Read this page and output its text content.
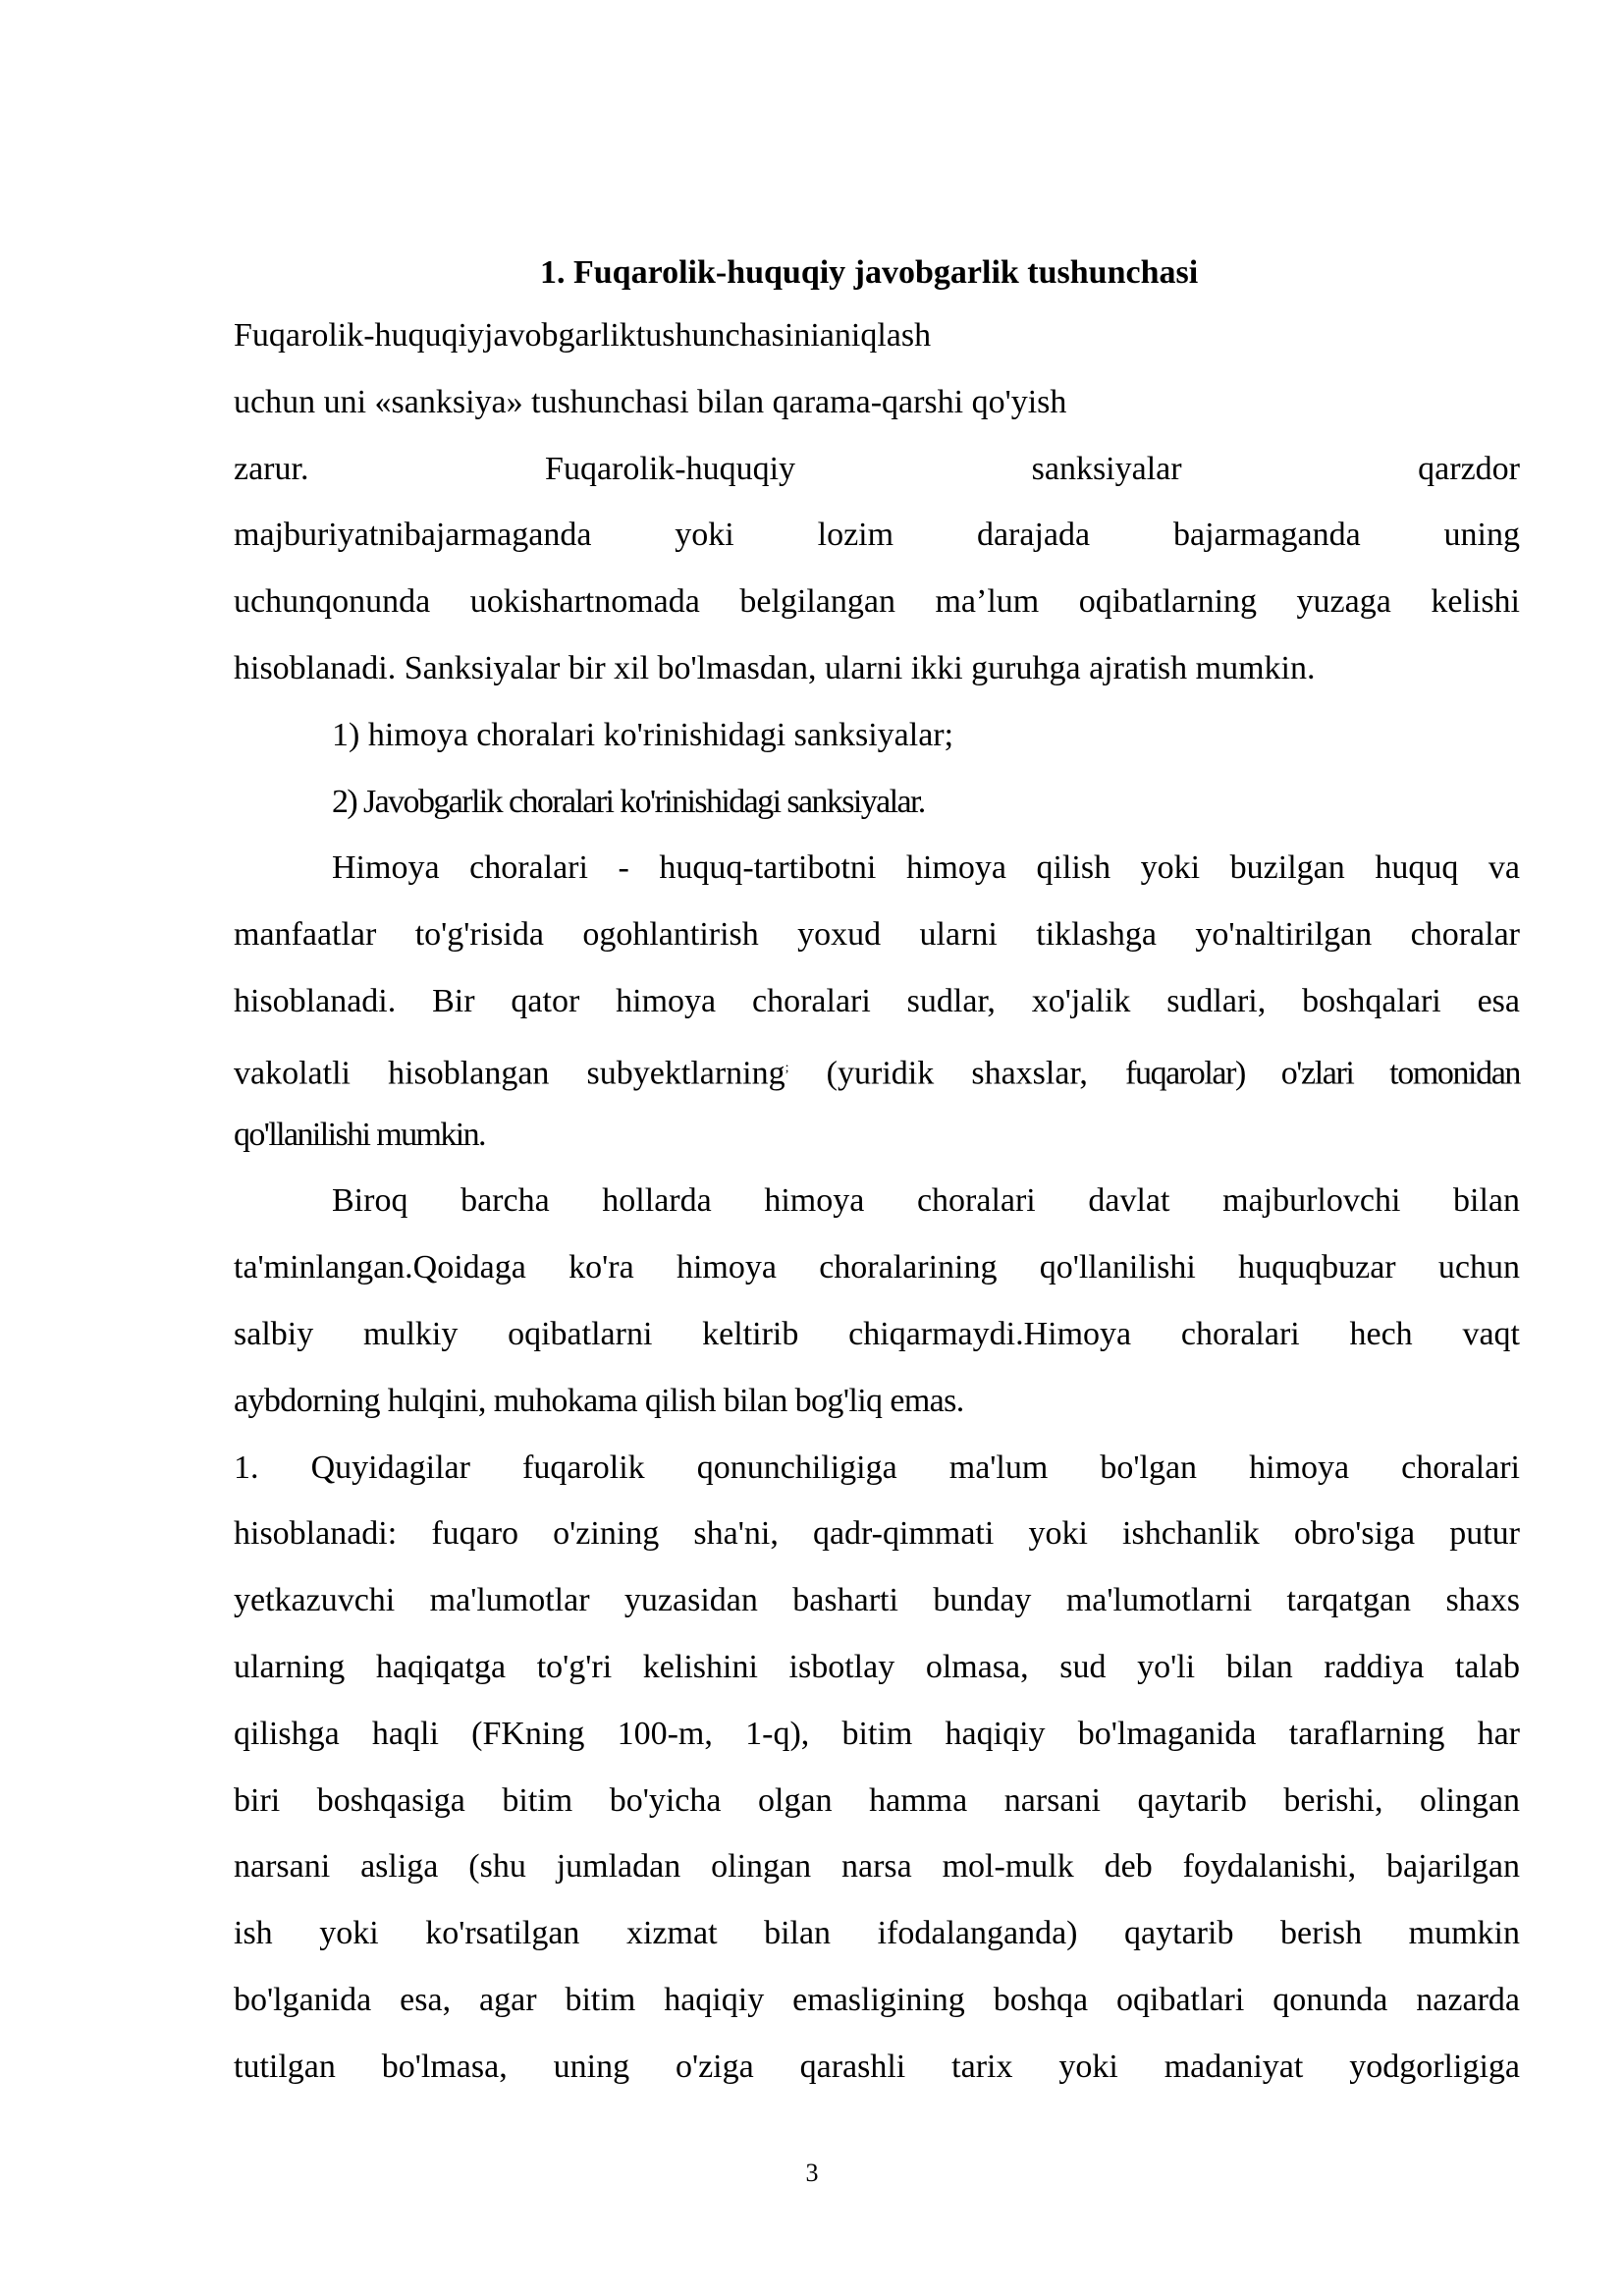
1. Fuqarolik-huquqiy javobgarlik tushunchasi

Fuqarolik-huquqiyjavobgarliktushunchasinianiqlash

uchun uni «sanksiya» tushunchasi bilan qarama-qarshi qo'yish

zarur. Fuqarolik-huquqiy sanksiyalar qarzdor

majburiyatnibajarmaganda yoki lozim darajada bajarmaganda uning

uchunqonunda uokishartnomada belgilangan ma’lum oqibatlarning yuzaga kelishi

hisoblanadi. Sanksiyalar bir xil bo'lmasdan, ularni ikki guruhga ajratish mumkin.

1) himoya choralari ko'rinishidagi sanksiyalar;

2) Javobgarlik choralari ko'rinishidagi sanksiyalar.

Himoya choralari - huquq-tartibotni himoya qilish yoki buzilgan huquq va

manfaatlar to'g'risida ogohlantirish yoxud ularni tiklashga yo'naltirilgan choralar

hisoblanadi. Bir qator himoya choralari sudlar, xo'jalik sudlari, boshqalari esa

vakolatli hisoblangan subyektlarning; (yuridik shaxslar, fuqarolar) o'zlari tomonidan

qo'llanilishi mumkin.

Biroq barcha hollarda himoya choralari davlat majburlovchi bilan

ta'minlangan.Qoidaga ko'ra himoya choralarining qo'llanilishi huquqbuzar uchun

salbiy mulkiy oqibatlarni keltirib chiqarmaydi.Himoya choralari hech vaqt

aybdorning hulqini, muhokama qilish bilan bog'liq emas.

1. Quyidagilar fuqarolik qonunchiligiga ma'lum bo'lgan himoya choralari

hisoblanadi: fuqaro o'zining sha'ni, qadr-qimmati yoki ishchanlik obro'siga putur

yetkazuvchi ma'lumotlar yuzasidan basharti bunday ma'lumotlarni tarqatgan shaxs

ularning haqiqatga to'g'ri kelishini isbotlay olmasa, sud yo'li bilan raddiya talab

qilishga haqli (FKning 100-m, 1-q), bitim haqiqiy bo'lmaganida taraflarning har

biri boshqasiga bitim bo'yicha olgan hamma narsani qaytarib berishi, olingan

narsani asliga (shu jumladan olingan narsa mol-mulk deb foydalanishi, bajarilgan

ish yoki ko'rsatilgan xizmat bilan ifodalanganda) qaytarib berish mumkin

bo'lganida esa, agar bitim haqiqiy emasligining boshqa oqibatlari qonunda nazarda

tutilgan bo'lmasa, uning o'ziga qarashli tarix yoki madaniyat yodgorligiga

3
